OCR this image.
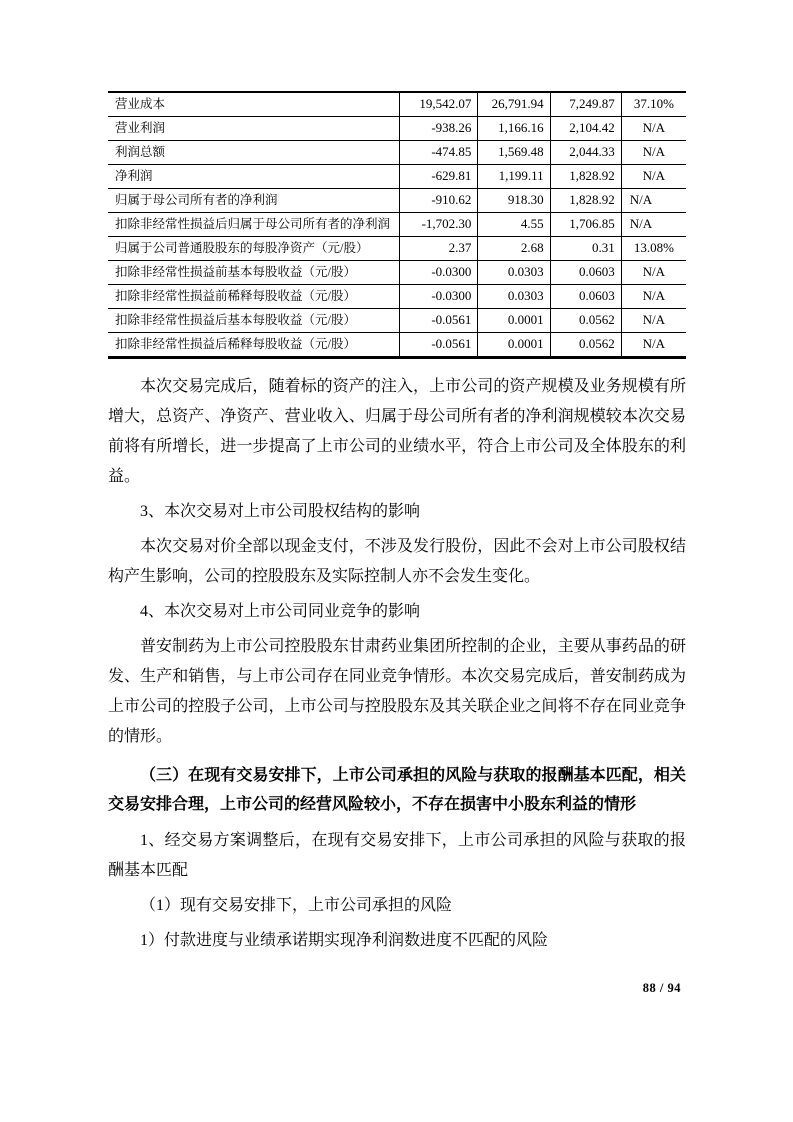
营业成本	19,542.07	26,791.94	7,249.87	37.10%
营业利润	-938.26	1,166.16	2,104.42	N/A
利润总额	-474.85	1,569.48	2,044.33	N/A
净利润	-629.81	1,199.11	1,828.92	N/A
归属于母公司所有者的净利润	-910.62	918.30	1,828.92	N/A
扣除非经常性损益后归属于母公司所有者的净利润	-1,702.30	4.55	1,706.85	N/A
归属于公司普通股股东的每股净资产（元/股）	2.37	2.68	0.31	13.08%
扣除非经常性损益前基本每股收益（元/股）	-0.0300	0.0303	0.0603	N/A
扣除非经常性损益前稀释每股收益（元/股）	-0.0300	0.0303	0.0603	N/A
扣除非经常性损益后基本每股收益（元/股）	-0.0561	0.0001	0.0562	N/A
扣除非经常性损益后稀释每股收益（元/股）	-0.0561	0.0001	0.0562	N/A

本次交易完成后，随着标的资产的注入，上市公司的资产规模及业务规模有所增大，总资产、净资产、营业收入、归属于母公司所有者的净利润规模较本次交易前将有所增长，进一步提高了上市公司的业绩水平，符合上市公司及全体股东的利益。

3、本次交易对上市公司股权结构的影响

本次交易对价全部以现金支付，不涉及发行股份，因此不会对上市公司股权结构产生影响，公司的控股股东及实际控制人亦不会发生变化。

4、本次交易对上市公司同业竞争的影响

普安制药为上市公司控股股东甘肃药业集团所控制的企业，主要从事药品的研发、生产和销售，与上市公司存在同业竞争情形。本次交易完成后，普安制药成为上市公司的控股子公司，上市公司与控股股东及其关联企业之间将不存在同业竞争的情形。

（三）在现有交易安排下，上市公司承担的风险与获取的报酬基本匹配，相关交易安排合理，上市公司的经营风险较小，不存在损害中小股东利益的情形

1、经交易方案调整后，在现有交易安排下，上市公司承担的风险与获取的报酬基本匹配

（1）现有交易安排下，上市公司承担的风险

1）付款进度与业绩承诺期实现净利润数进度不匹配的风险

88 / 94
